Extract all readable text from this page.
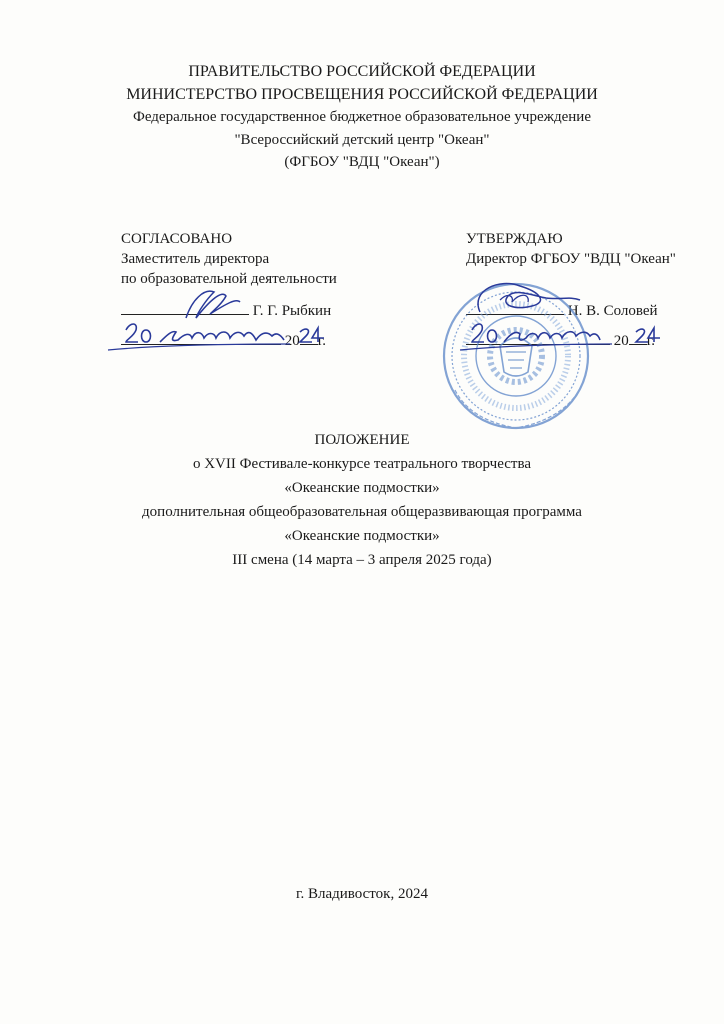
ПРАВИТЕЛЬСТВО РОССИЙСКОЙ ФЕДЕРАЦИИ
МИНИСТЕРСТВО ПРОСВЕЩЕНИЯ РОССИЙСКОЙ ФЕДЕРАЦИИ
Федеральное государственное бюджетное образовательное учреждение
"Всероссийский детский центр "Океан"
(ФГБОУ "ВДЦ "Океан")
СОГЛАСОВАНО
Заместитель директора
по образовательной деятельности
Г. Г. Рыбкин
20 г.
УТВЕРЖДАЮ
Директор ФГБОУ "ВДЦ "Океан"
Н. В. Соловей
20 г.
ПОЛОЖЕНИЕ
о XVII Фестивале-конкурсе театрального творчества
«Океанские подмостки»
дополнительная общеобразовательная общеразвивающая программа
«Океанские подмостки»
III смена (14 марта – 3 апреля 2025 года)
г. Владивосток, 2024
